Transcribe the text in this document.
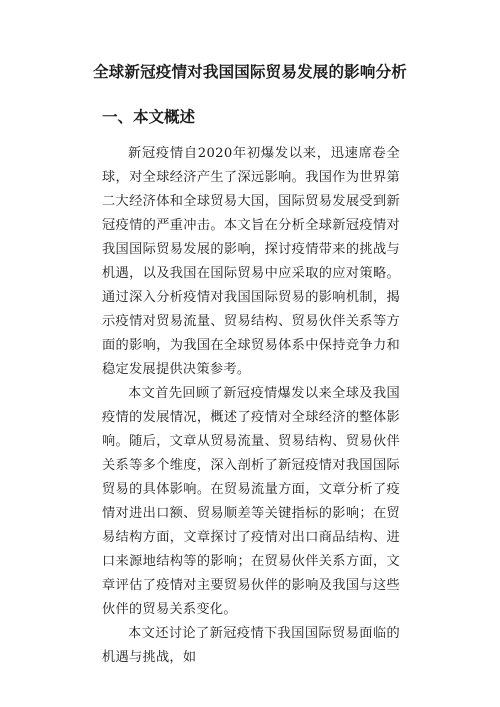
全球新冠疫情对我国国际贸易发展的影响分析
一、本文概述

新冠疫情自2020年初爆发以来，迅速席卷全球，对全球经济产生了深远影响。我国作为世界第二大经济体和全球贸易大国，国际贸易发展受到新冠疫情的严重冲击。本文旨在分析全球新冠疫情对我国国际贸易发展的影响，探讨疫情带来的挑战与机遇，以及我国在国际贸易中应采取的应对策略。通过深入分析疫情对我国国际贸易的影响机制，揭示疫情对贸易流量、贸易结构、贸易伙伴关系等方面的影响，为我国在全球贸易体系中保持竞争力和稳定发展提供决策参考。

本文首先回顾了新冠疫情爆发以来全球及我国疫情的发展情况，概述了疫情对全球经济的整体影响。随后，文章从贸易流量、贸易结构、贸易伙伴关系等多个维度，深入剖析了新冠疫情对我国国际贸易的具体影响。在贸易流量方面，文章分析了疫情对进出口额、贸易顺差等关键指标的影响；在贸易结构方面，文章探讨了疫情对出口商品结构、进口来源地结构等的影响；在贸易伙伴关系方面，文章评估了疫情对主要贸易伙伴的影响及我国与这些伙伴的贸易关系变化。

本文还讨论了新冠疫情下我国国际贸易面临的机遇与挑战，如
